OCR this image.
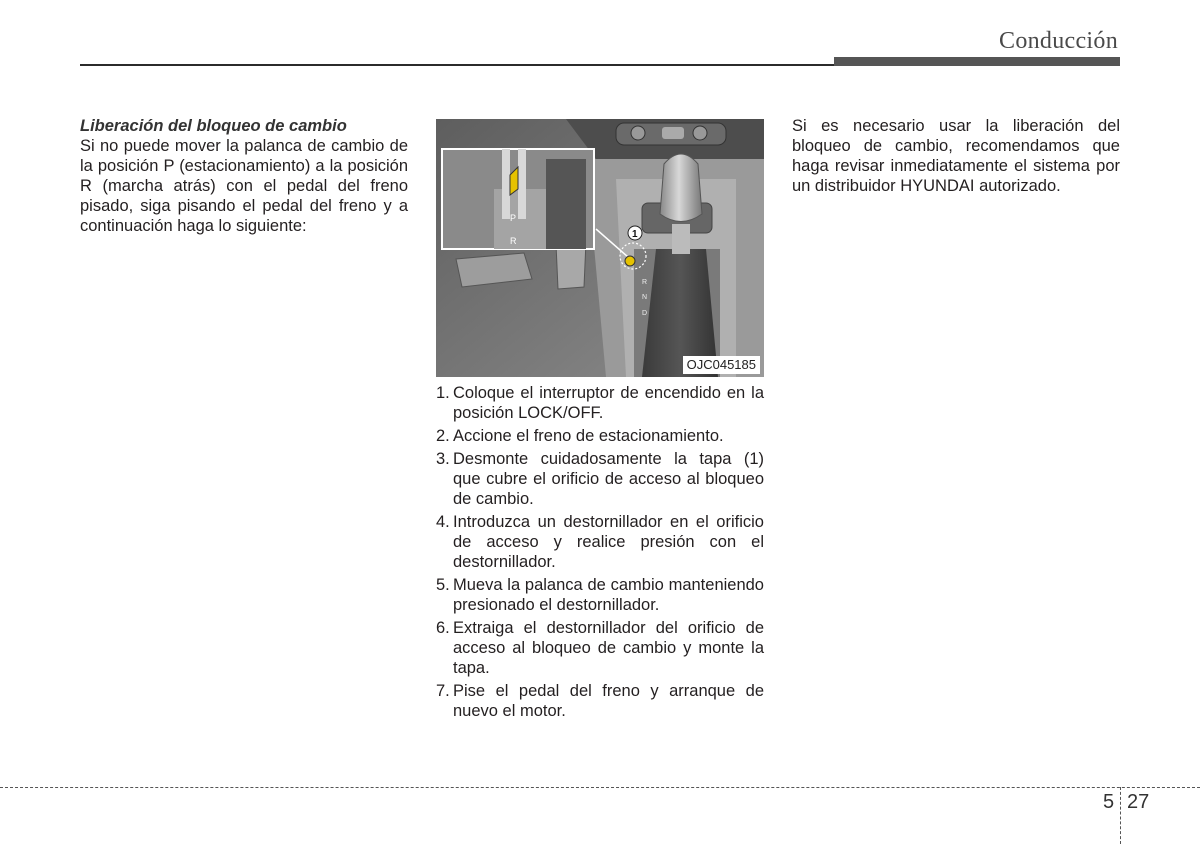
Conducción
Liberación del bloqueo de cambio
Si no puede mover la palanca de cambio de la posición P (estacionamiento) a la posición R (marcha atrás) con el pedal del freno pisado, siga pisando el pedal del freno y a continuación haga lo siguiente:
R
N
D
1
P
R
OJC045185
1. Coloque el interruptor de encendido en la posición LOCK/OFF.
2. Accione el freno de estacionamiento.
3. Desmonte cuidadosamente la tapa (1) que cubre el orificio de acceso al bloqueo de cambio.
4. Introduzca un destornillador en el orificio de acceso y realice presión con el destornillador.
5. Mueva la palanca de cambio manteniendo presionado el destornillador.
6. Extraiga el destornillador del orificio de acceso al bloqueo de cambio y monte la tapa.
7. Pise el pedal del freno y arranque de nuevo el motor.
Si es necesario usar la liberación del bloqueo de cambio, recomendamos que haga revisar inmediatamente el sistema por un distribuidor HYUNDAI autorizado.
5 27
